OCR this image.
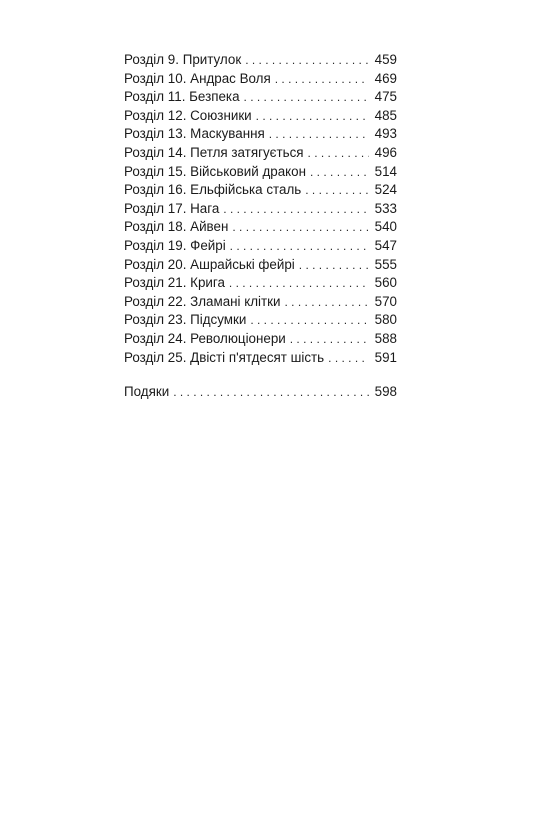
Розділ 9. Притулок . . .	459
Розділ 10. Андрас Воля . . .	469
Розділ 11. Безпека . . .	475
Розділ 12. Союзники . . .	485
Розділ 13. Маскування . . .	493
Розділ 14. Петля затягується . . .	496
Розділ 15. Військовий дракон . . .	514
Розділ 16. Ельфійська сталь . . .	524
Розділ 17. Нага . . .	533
Розділ 18. Айвен . . .	540
Розділ 19. Фейрі . . .	547
Розділ 20. Ашрайські фейрі . . .	555
Розділ 21. Крига . . .	560
Розділ 22. Зламані клітки . . .	570
Розділ 23. Підсумки . . .	580
Розділ 24. Революціонери . . .	588
Розділ 25. Двісті п'ятдесят шість . . .	591
Подяки . . .	598
